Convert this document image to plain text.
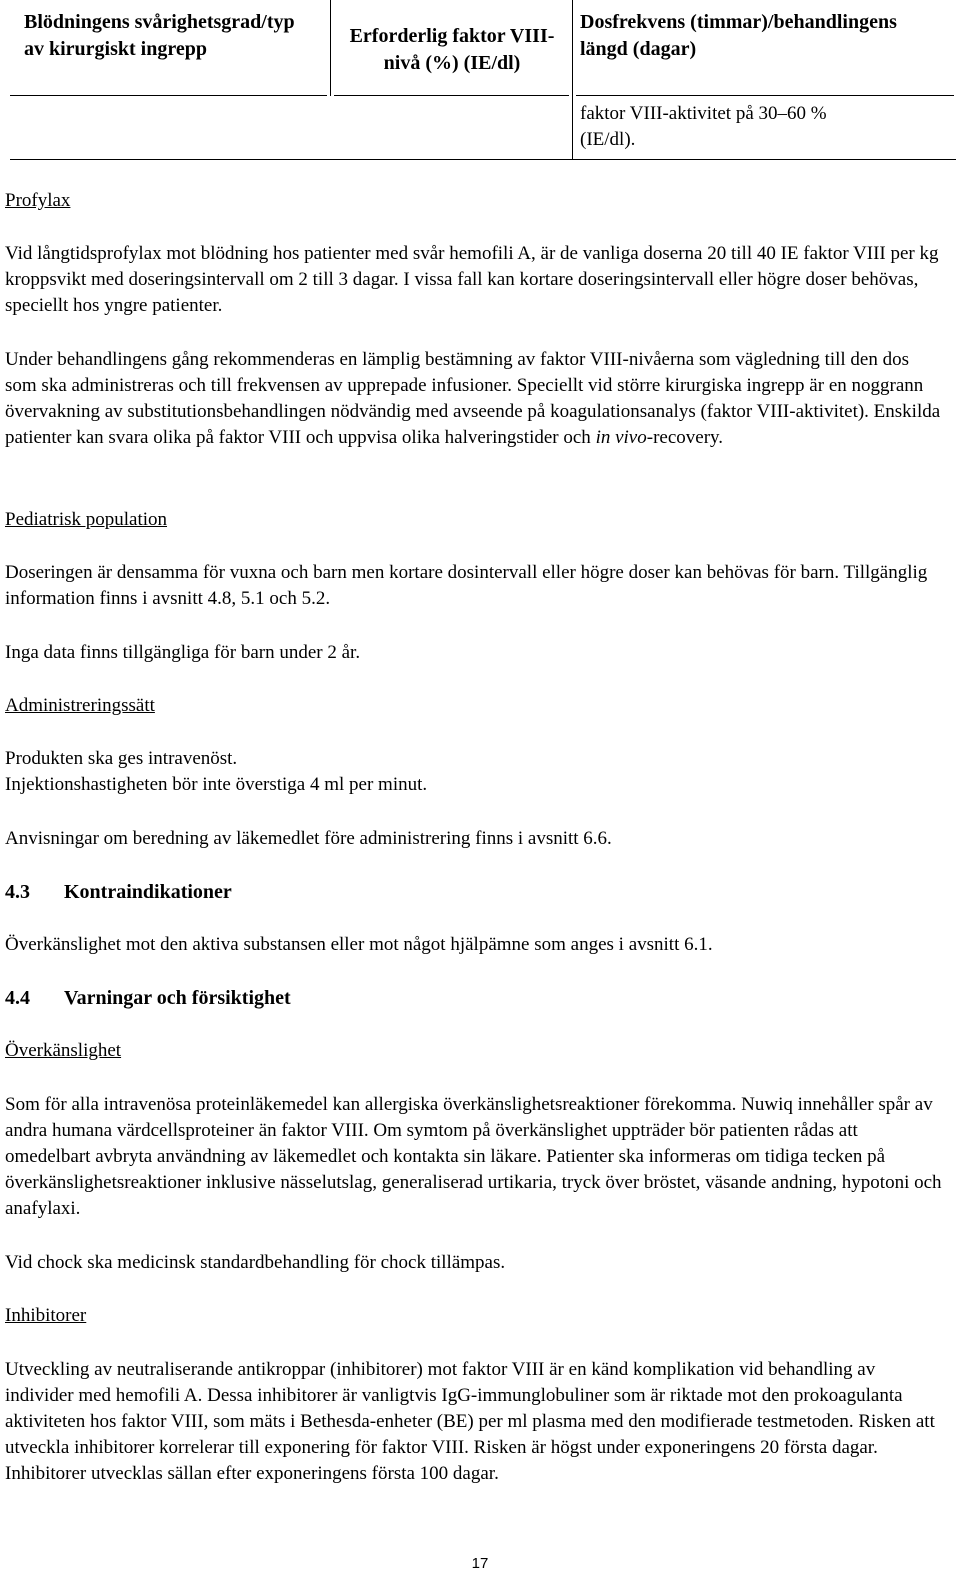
Blödningens svårighetsgrad/typ av kirurgiskt ingrepp
Erforderlig faktor VIII-nivå (%) (IE/dl)
Dosfrekvens (timmar)/behandlingens längd (dagar)
faktor VIII-aktivitet på 30–60 % (IE/dl).
Profylax

Vid långtidsprofylax mot blödning hos patienter med svår hemofili A, är de vanliga doserna 20 till 40 IE faktor VIII per kg kroppsvikt med doseringsintervall om 2 till 3 dagar. I vissa fall kan kortare doseringsintervall eller högre doser behövas, speciellt hos yngre patienter.

Under behandlingens gång rekommenderas en lämplig bestämning av faktor VIII-nivåerna som vägledning till den dos som ska administreras och till frekvensen av upprepade infusioner. Speciellt vid större kirurgiska ingrepp är en noggrann övervakning av substitutionsbehandlingen nödvändig med avseende på koagulationsanalys (faktor VIII-aktivitet). Enskilda patienter kan svara olika på faktor VIII och uppvisa olika halveringstider och in vivo-recovery.

Pediatrisk population

Doseringen är densamma för vuxna och barn men kortare dosintervall eller högre doser kan behövas för barn. Tillgänglig information finns i avsnitt 4.8, 5.1 och 5.2.

Inga data finns tillgängliga för barn under 2 år.

Administreringssätt
Produkten ska ges intravenöst.
Injektionshastigheten bör inte överstiga 4 ml per minut.

Anvisningar om beredning av läkemedlet före administrering finns i avsnitt 6.6.

4.3 Kontraindikationer

Överkänslighet mot den aktiva substansen eller mot något hjälpämne som anges i avsnitt 6.1.

4.4 Varningar och försiktighet
Överkänslighet

Som för alla intravenösa proteinläkemedel kan allergiska överkänslighetsreaktioner förekomma. Nuwiq innehåller spår av andra humana värdcellsproteiner än faktor VIII. Om symtom på överkänslighet uppträder bör patienten rådas att omedelbart avbryta användning av läkemedlet och kontakta sin läkare. Patienter ska informeras om tidiga tecken på överkänslighetsreaktioner inklusive nässelutslag, generaliserad urtikaria, tryck över bröstet, väsande andning, hypotoni och anafylaxi.

Vid chock ska medicinsk standardbehandling för chock tillämpas.

Inhibitorer

Utveckling av neutraliserande antikroppar (inhibitorer) mot faktor VIII är en känd komplikation vid behandling av individer med hemofili A. Dessa inhibitorer är vanligtvis IgG-immunglobuliner som är riktade mot den prokoagulanta aktiviteten hos faktor VIII, som mäts i Bethesda-enheter (BE) per ml plasma med den modifierade testmetoden. Risken att utveckla inhibitorer korrelerar till exponering för faktor VIII. Risken är högst under exponeringens 20 första dagar. Inhibitorer utvecklas sällan efter exponeringens första 100 dagar.

17
